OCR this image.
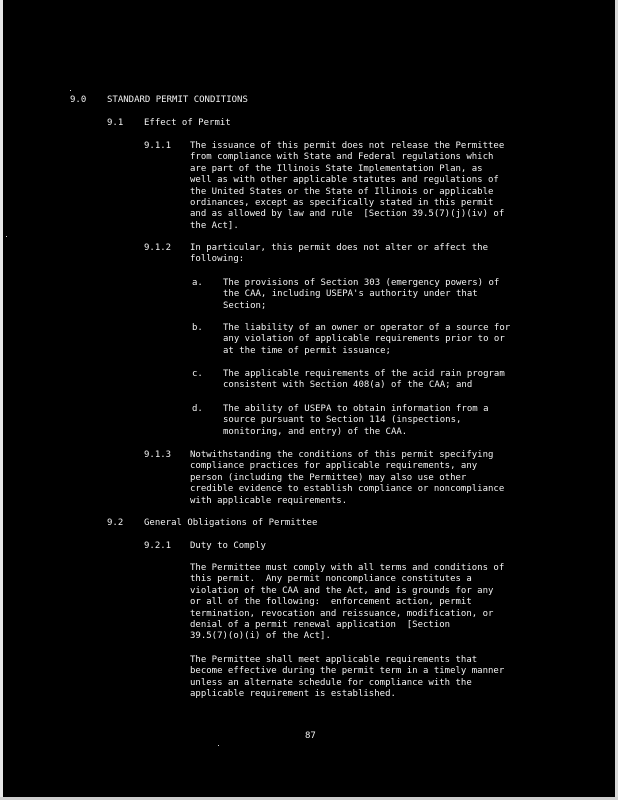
9.0 STANDARD PERMIT CONDITIONS

9.1 Effect of Permit

9.1.1 The issuance of this permit does not release the Permittee
from compliance with State and Federal regulations which
are part of the Illinois State Implementation Plan, as
well as with other applicable statutes and regulations of
the United States or the State of Illinois or applicable
ordinances, except as specifically stated in this permit
and as allowed by law and rule  [Section 39.5(7)(j)(iv) of
the Act].

9.1.2 In particular, this permit does not alter or affect the
following:

a. The provisions of Section 303 (emergency powers) of
the CAA, including USEPA's authority under that
Section;

b. The liability of an owner or operator of a source for
any violation of applicable requirements prior to or
at the time of permit issuance;

c. The applicable requirements of the acid rain program
consistent with Section 408(a) of the CAA; and

d. The ability of USEPA to obtain information from a
source pursuant to Section 114 (inspections,
monitoring, and entry) of the CAA.

9.1.3 Notwithstanding the conditions of this permit specifying
compliance practices for applicable requirements, any
person (including the Permittee) may also use other
credible evidence to establish compliance or noncompliance
with applicable requirements.

9.2 General Obligations of Permittee

9.2.1 Duty to Comply

The Permittee must comply with all terms and conditions of
this permit.  Any permit noncompliance constitutes a
violation of the CAA and the Act, and is grounds for any
or all of the following:  enforcement action, permit
termination, revocation and reissuance, modification, or
denial of a permit renewal application  [Section
39.5(7)(o)(i) of the Act].

The Permittee shall meet applicable requirements that
become effective during the permit term in a timely manner
unless an alternate schedule for compliance with the
applicable requirement is established.

87
